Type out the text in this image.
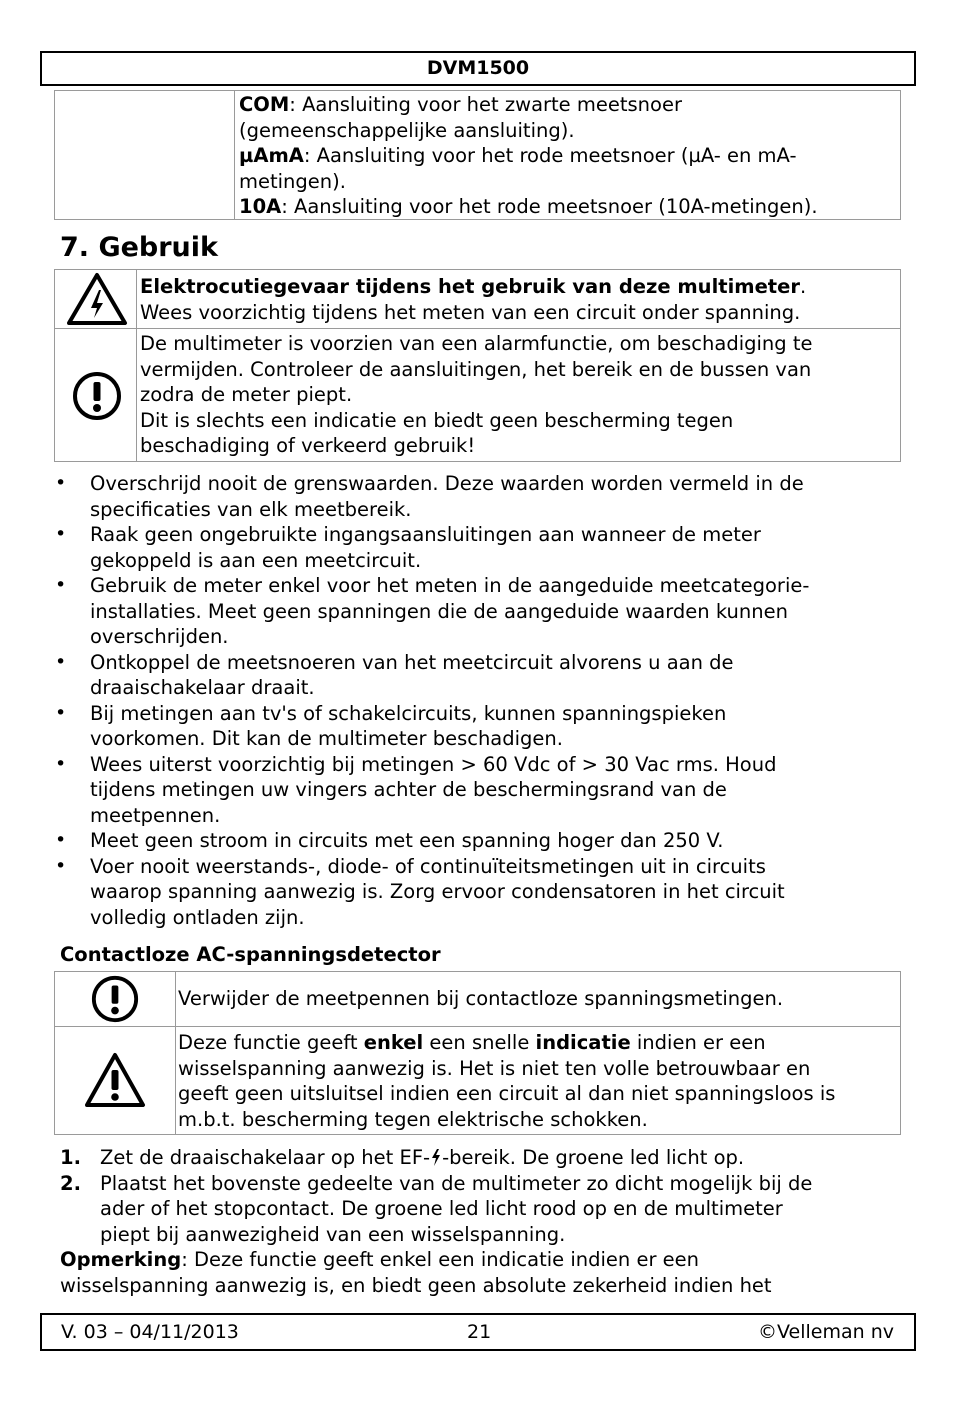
DVM1500
COM: Aansluiting voor het zwarte meetsnoer
(gemeenschappelijke aansluiting).
µAmA: Aansluiting voor het rode meetsnoer (µA- en mA-
metingen).
10A: Aansluiting voor het rode meetsnoer (10A-metingen).
7. Gebruik
Elektrocutiegevaar tijdens het gebruik van deze multimeter.
Wees voorzichtig tijdens het meten van een circuit onder spanning.
De multimeter is voorzien van een alarmfunctie, om beschadiging te
vermijden. Controleer de aansluitingen, het bereik en de bussen van
zodra de meter piept.
Dit is slechts een indicatie en biedt geen bescherming tegen
beschadiging of verkeerd gebruik!
• Overschrijd nooit de grenswaarden. Deze waarden worden vermeld in de
specificaties van elk meetbereik.
• Raak geen ongebruikte ingangsaansluitingen aan wanneer de meter
gekoppeld is aan een meetcircuit.
• Gebruik de meter enkel voor het meten in de aangeduide meetcategorie-
installaties. Meet geen spanningen die de aangeduide waarden kunnen
overschrijden.
• Ontkoppel de meetsnoeren van het meetcircuit alvorens u aan de
draaischakelaar draait.
• Bij metingen aan tv's of schakelcircuits, kunnen spanningspieken
voorkomen. Dit kan de multimeter beschadigen.
• Wees uiterst voorzichtig bij metingen > 60 Vdc of > 30 Vac rms. Houd
tijdens metingen uw vingers achter de beschermingsrand van de
meetpennen.
• Meet geen stroom in circuits met een spanning hoger dan 250 V.
• Voer nooit weerstands-, diode- of continuïteitsmetingen uit in circuits
waarop spanning aanwezig is. Zorg ervoor condensatoren in het circuit
volledig ontladen zijn.
Contactloze AC-spanningsdetector
Verwijder de meetpennen bij contactloze spanningsmetingen.
Deze functie geeft enkel een snelle indicatie indien er een
wisselspanning aanwezig is. Het is niet ten volle betrouwbaar en
geeft geen uitsluitsel indien een circuit al dan niet spanningsloos is
m.b.t. bescherming tegen elektrische schokken.
1. Zet de draaischakelaar op het EF- -bereik. De groene led licht op.
2. Plaatst het bovenste gedeelte van de multimeter zo dicht mogelijk bij de
ader of het stopcontact. De groene led licht rood op en de multimeter
piept bij aanwezigheid van een wisselspanning.
Opmerking: Deze functie geeft enkel een indicatie indien er een
wisselspanning aanwezig is, en biedt geen absolute zekerheid indien het
V. 03 – 04/11/2013	21	©Velleman nv
